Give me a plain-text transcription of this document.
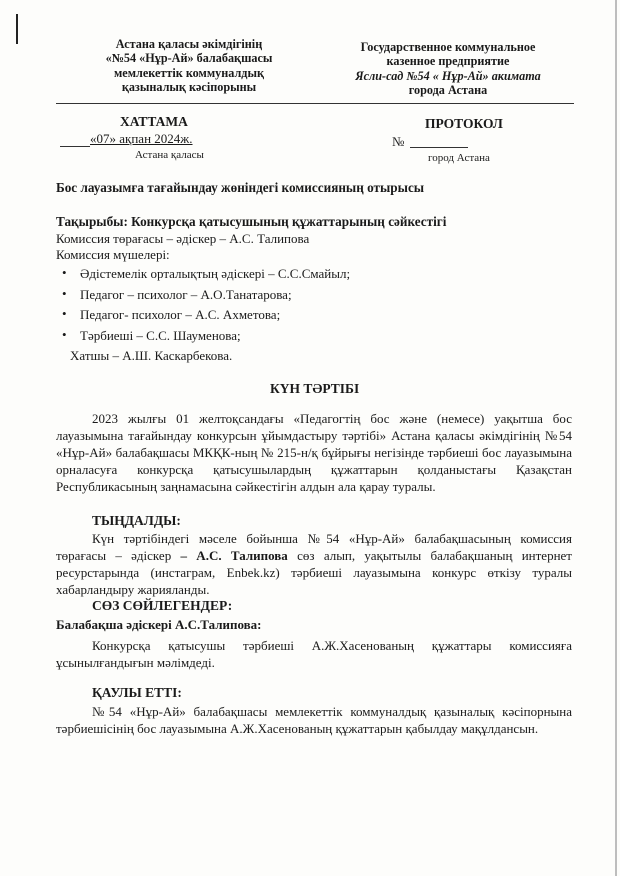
Астана қаласы әкімдігінің
«№54 «Нұр-Ай» балабақшасы
мемлекеттік коммуналдық
қазыналық кәсіпорыны
Государственное коммунальное
казенное предприятие
Ясли-сад №54 « Нұр-Ай» акимата
города Астана
ХАТТАМА
«07» ақпан 2024ж.
Астана қаласы
ПРОТОКОЛ
№
город Астана
Бос лауазымға тағайындау жөніндегі комиссияның отырысы
Тақырыбы: Конкурсқа қатысушының құжаттарының сәйкестігі
Комиссия төрағасы – әдіскер – А.С. Талипова
Комиссия мүшелері:
• Әдістемелік орталықтың әдіскері – С.С.Смайыл;
• Педагог – психолог – А.О.Танатарова;
• Педагог- психолог – А.С. Ахметова;
• Тәрбиеші – С.С. Шауменова;
Хатшы – А.Ш. Каскарбекова.
КҮН ТӘРТІБІ
2023 жылғы 01 желтоқсандағы «Педагогтің бос және (немесе) уақытша бос лауазымына тағайындау конкурсын ұйымдастыру тәртібі» Астана қаласы әкімдігінің №54 «Нұр-Ай» балабақшасы МКҚК-ның № 215-н/қ бұйрығы негізінде тәрбиеші бос лауазымына орналасуға конкурсқа қатысушылардың құжаттарын қолданыстағы Қазақстан Республикасының заңнамасына сәйкестігін алдын ала қарау туралы.
ТЫҢДАЛДЫ:
Күн тәртібіндегі мәселе бойынша №54 «Нұр-Ай» балабақшасының комиссия төрағасы – әдіскер – А.С. Талипова сөз алып, уақытылы балабақшаның интернет ресурстарында (инстаграм, Enbek.kz) тәрбиеші лауазымына конкурс өткізу туралы хабарландыру жарияланды.
СӨЗ СӨЙЛЕГЕНДЕР:
Балабақша әдіскері А.С.Талипова:
Конкурсқа қатысушы тәрбиеші А.Ж.Хасенованың құжаттары комиссияға ұсынылғандығын мәлімдеді.
ҚАУЛЫ ЕТТІ:
№54 «Нұр-Ай» балабақшасы мемлекеттік коммуналдық қазыналық кәсіпорнына тәрбиешісінің бос лауазымына А.Ж.Хасенованың құжаттарын қабылдау мақұлдансын.
